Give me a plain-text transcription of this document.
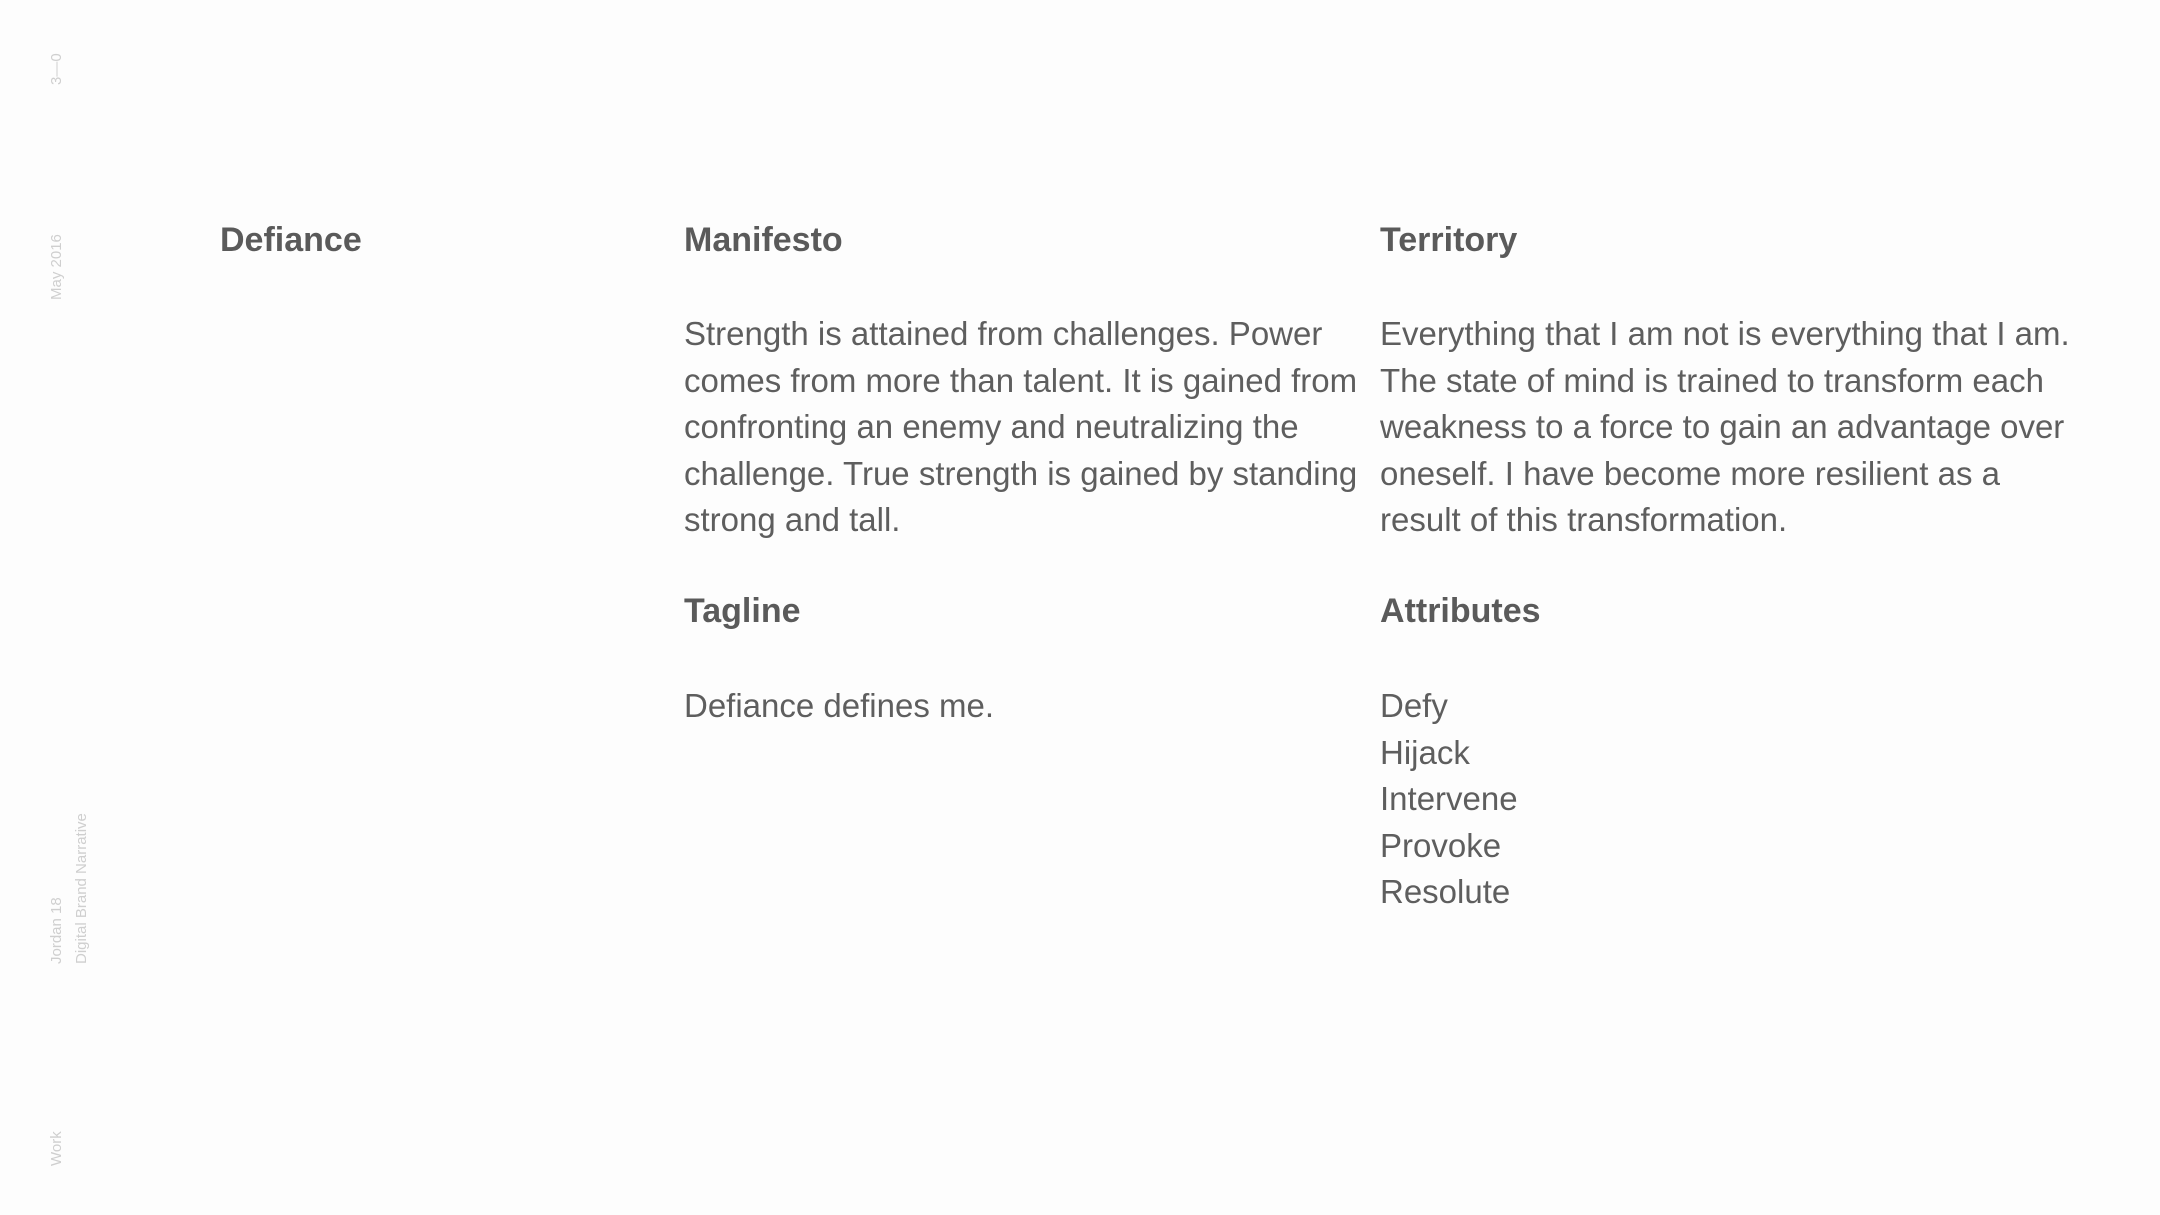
3—0
May 2016
Jordan 18 Digital Brand Narrative
Work
Defiance	Manifesto

Strength is attained from challenges. Power comes from more than talent. It is gained from confronting an enemy and neutralizing the challenge. True strength is gained by standing strong and tall.

Territory

Everything that I am not is everything that I am. The state of mind is trained to transform each weakness to a force to gain an advantage over oneself. I have become more resilient as a result of this transformation.

Tagline

Defiance defines me.

Attributes
Defy
Hijack
Intervene
Provoke
Resolute
